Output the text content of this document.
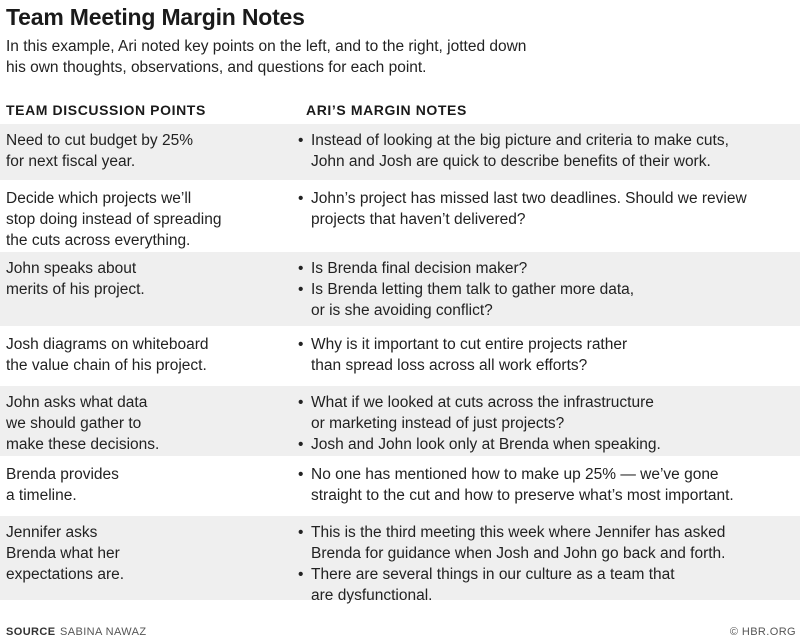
Team Meeting Margin Notes
In this example, Ari noted key points on the left, and to the right, jotted down
his own thoughts, observations, and questions for each point.
TEAM DISCUSSION POINTS	ARI’S MARGIN NOTES
Need to cut budget by 25%
for next fiscal year.
• Instead of looking at the big picture and criteria to make cuts,
John and Josh are quick to describe benefits of their work.
Decide which projects we’ll
stop doing instead of spreading
the cuts across everything.
• John’s project has missed last two deadlines. Should we review
projects that haven’t delivered?
John speaks about
merits of his project.
• Is Brenda final decision maker?
• Is Brenda letting them talk to gather more data,
or is she avoiding conflict?
Josh diagrams on whiteboard
the value chain of his project.
• Why is it important to cut entire projects rather
than spread loss across all work efforts?
John asks what data
we should gather to
make these decisions.
• What if we looked at cuts across the infrastructure
or marketing instead of just projects?
• Josh and John look only at Brenda when speaking.
Brenda provides
a timeline.
• No one has mentioned how to make up 25% — we’ve gone
straight to the cut and how to preserve what’s most important.
Jennifer asks
Brenda what her
expectations are.
• This is the third meeting this week where Jennifer has asked
Brenda for guidance when Josh and John go back and forth.
• There are several things in our culture as a team that
are dysfunctional.
SOURCE SABINA NAWAZ	© HBR.ORG
